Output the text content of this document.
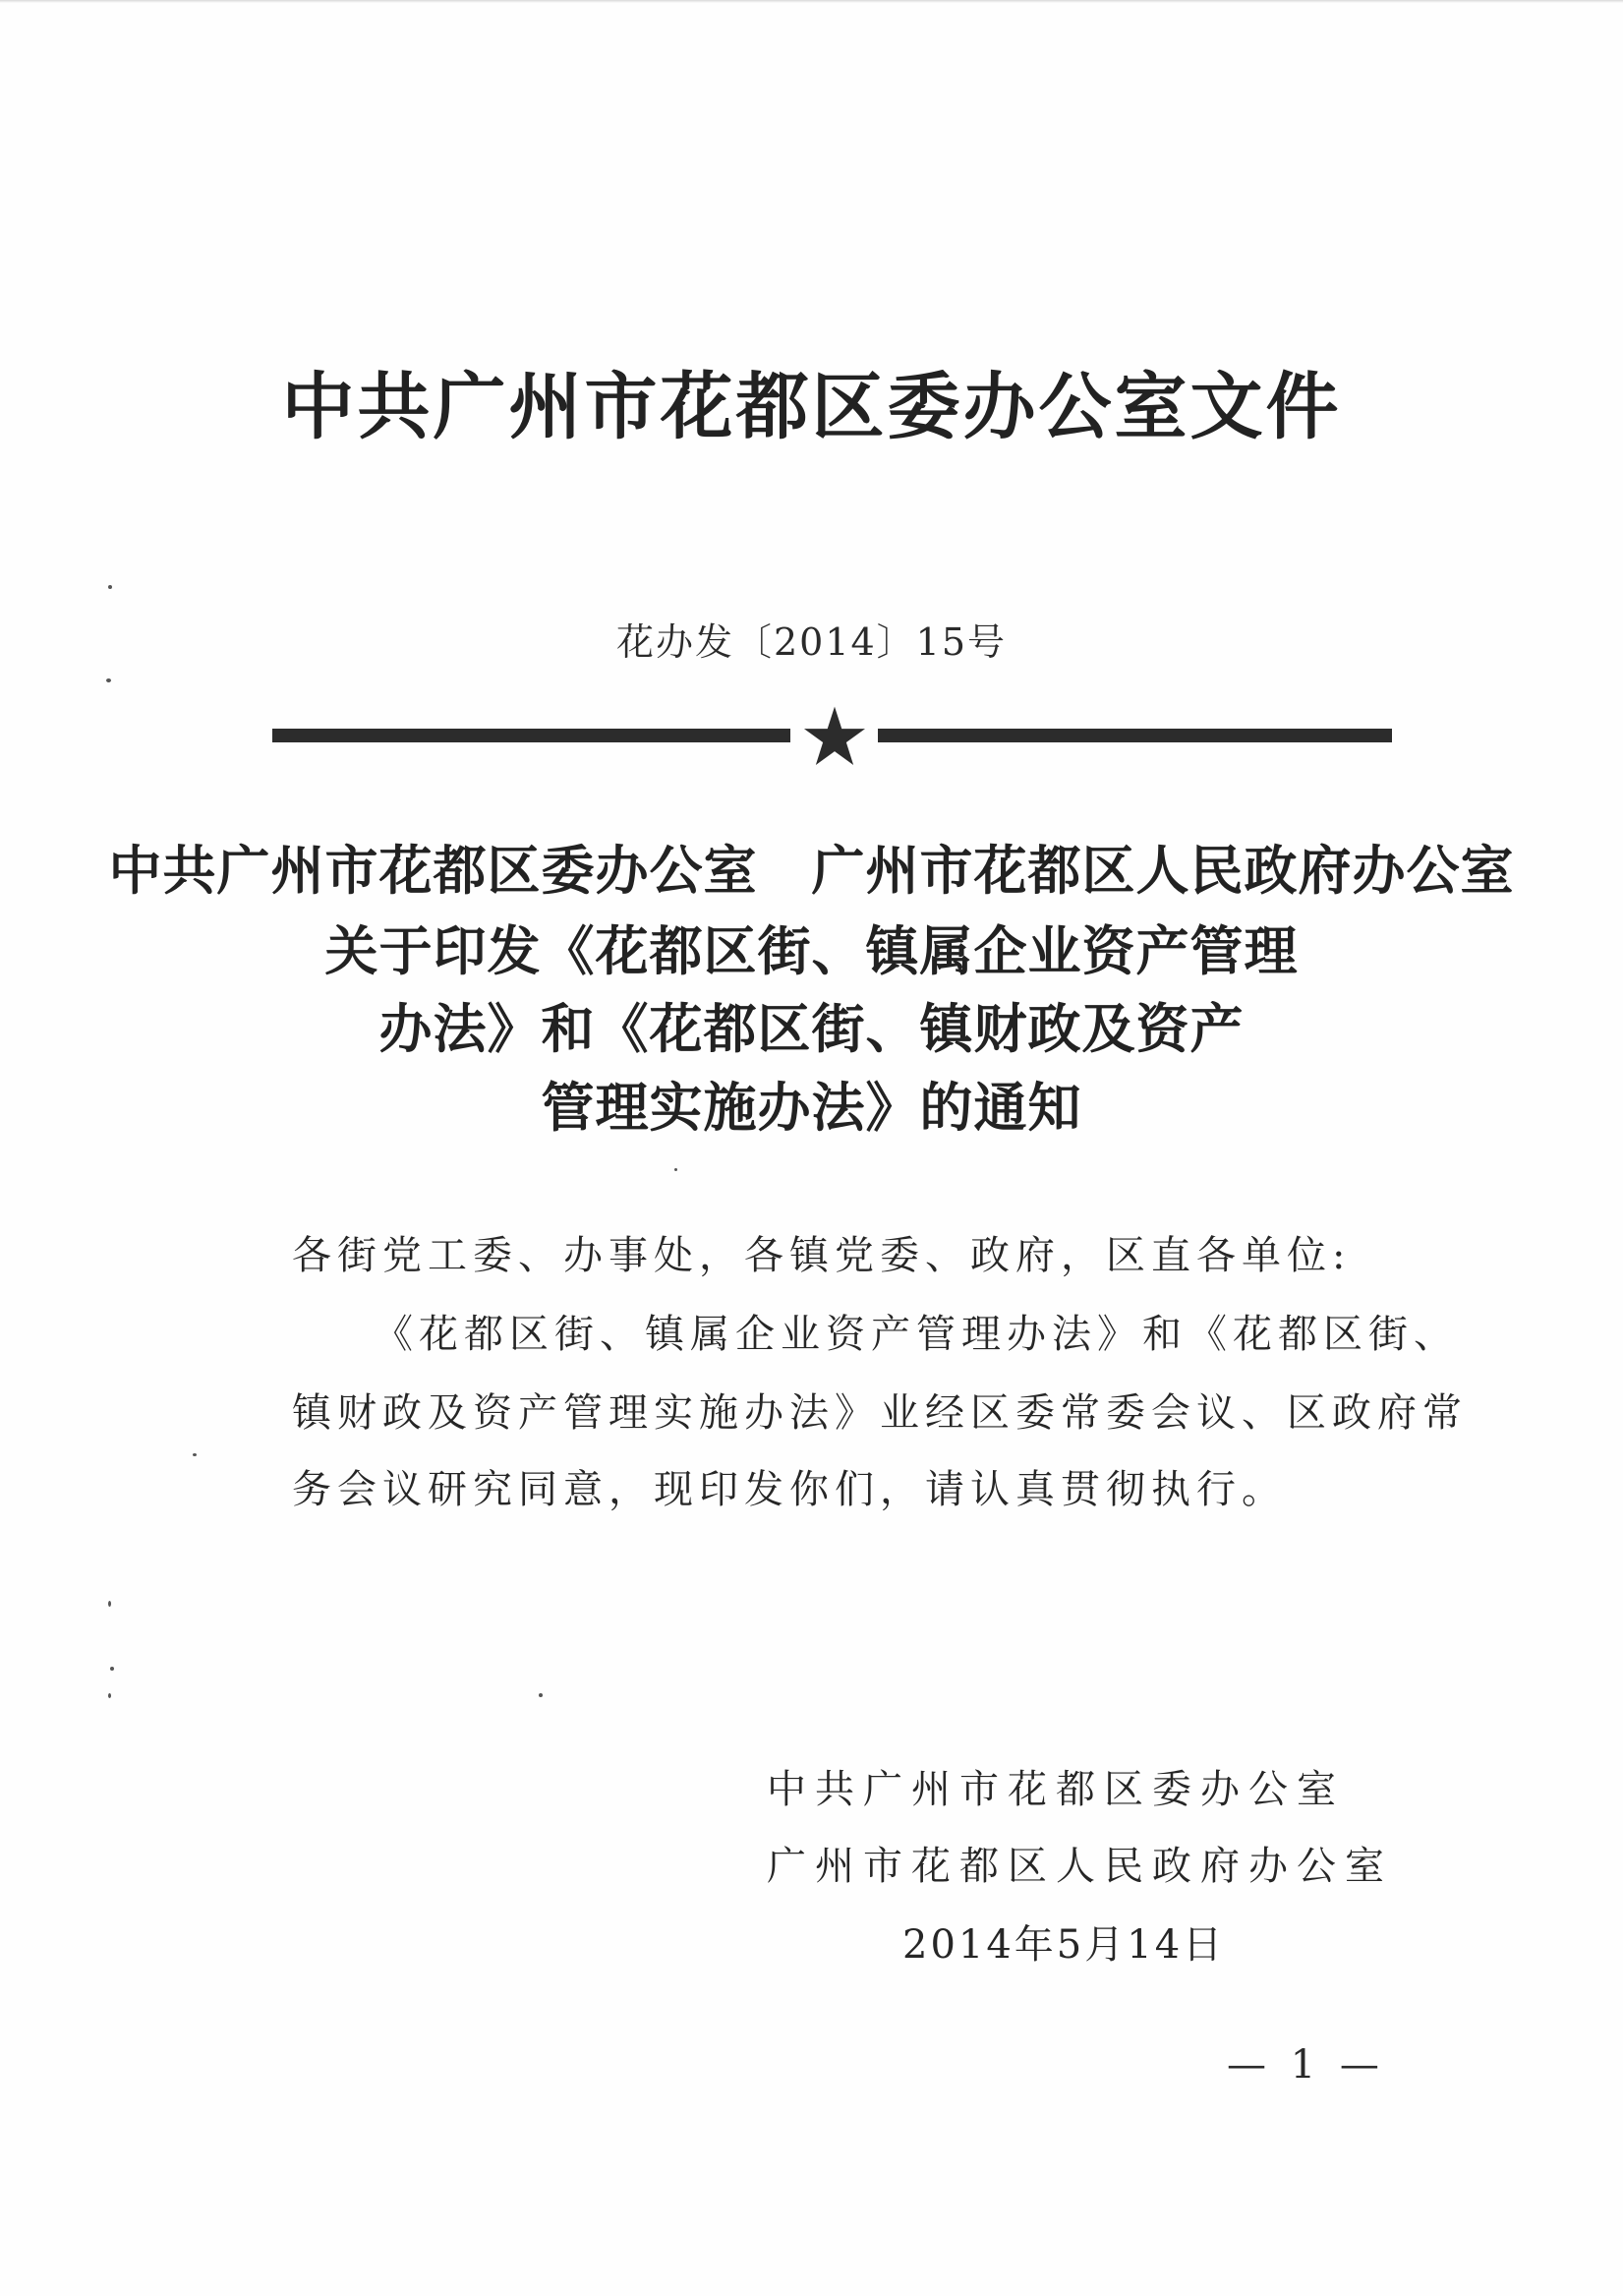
中共广州市花都区委办公室文件
花办发〔2014〕15号
中共广州市花都区委办公室　广州市花都区人民政府办公室
关于印发《花都区街、镇属企业资产管理
办法》和《花都区街、镇财政及资产
管理实施办法》的通知
各街党工委、办事处，各镇党委、政府，区直各单位:
《花都区街、镇属企业资产管理办法》和《花都区街、
镇财政及资产管理实施办法》业经区委常委会议、区政府常
务会议研究同意，现印发你们，请认真贯彻执行。
中共广州市花都区委办公室
广州市花都区人民政府办公室
2014年5月14日
— 1 —
